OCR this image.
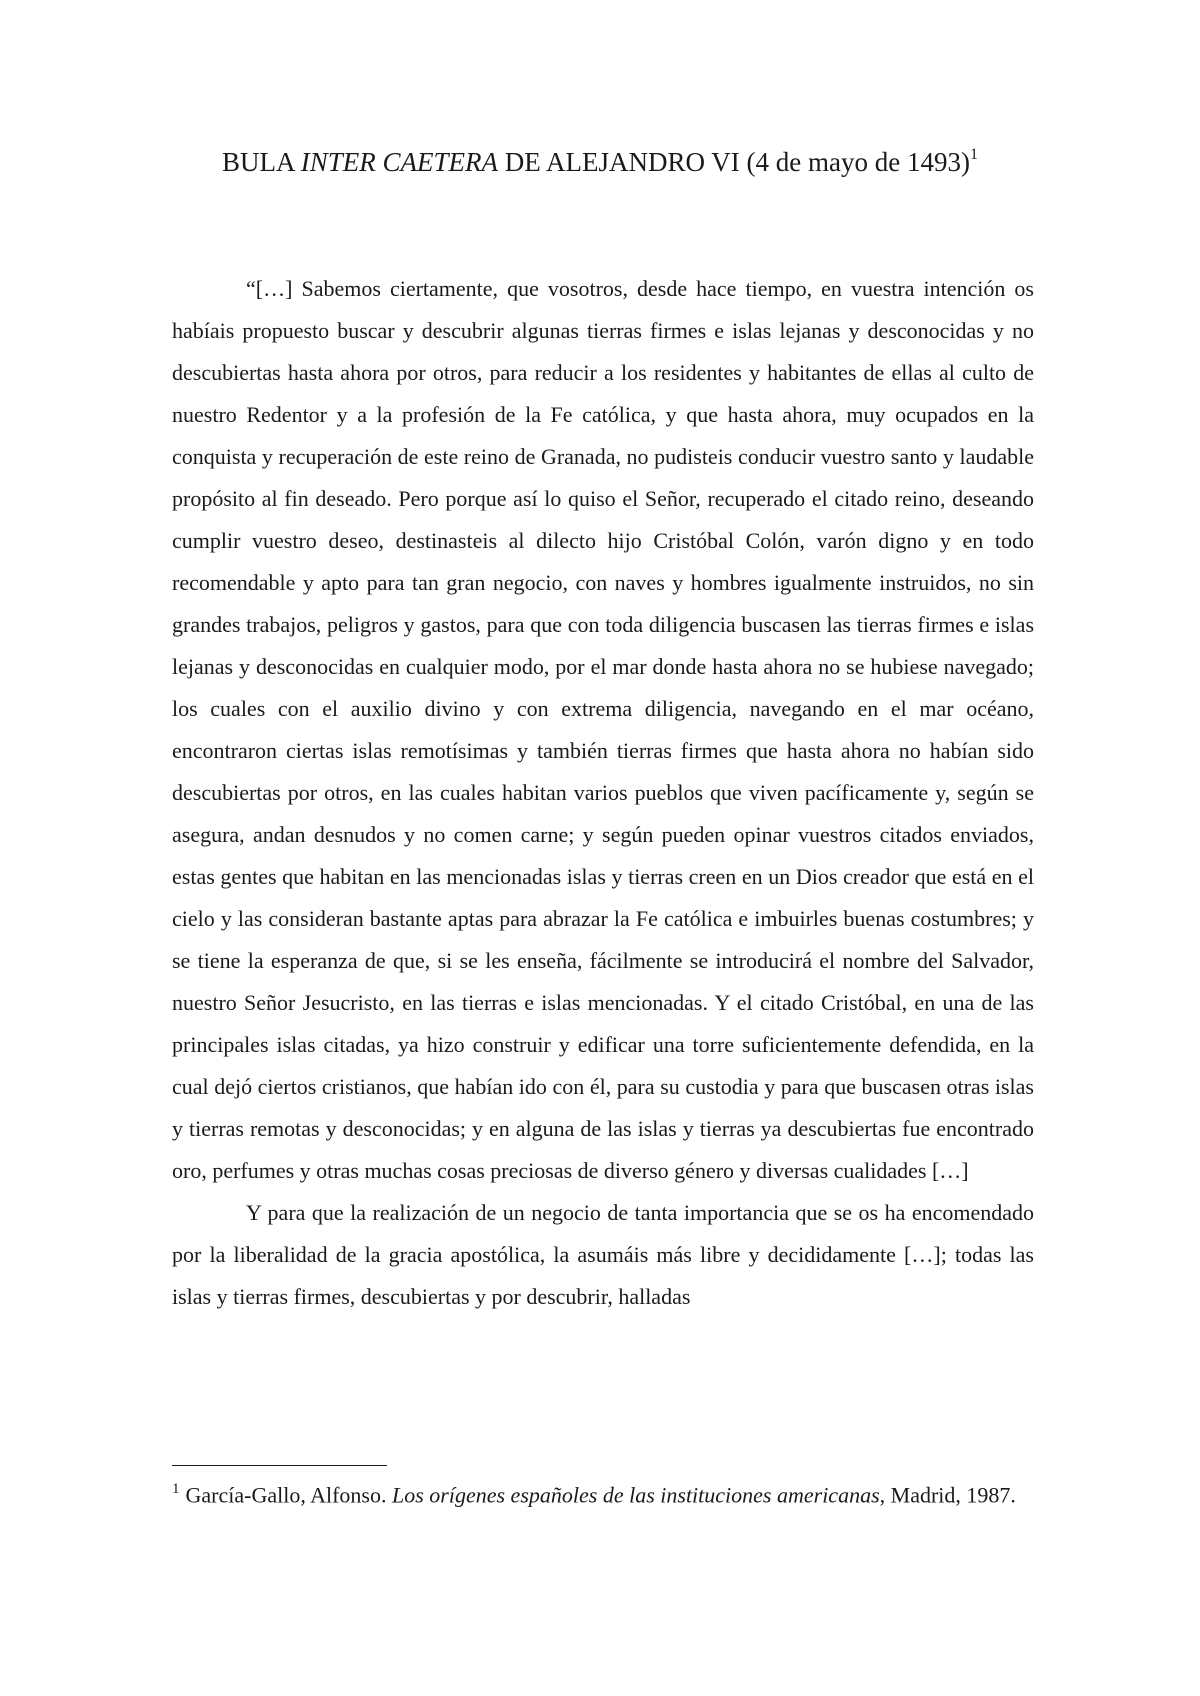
BULA INTER CAETERA DE ALEJANDRO VI (4 de mayo de 1493)$^1$

“[…] Sabemos ciertamente, que vosotros, desde hace tiempo, en vuestra intención os habíais propuesto buscar y descubrir algunas tierras firmes e islas lejanas y desconocidas y no descubiertas hasta ahora por otros, para reducir a los residentes y habitantes de ellas al culto de nuestro Redentor y a la profesión de la Fe católica, y que hasta ahora, muy ocupados en la conquista y recuperación de este reino de Granada, no pudisteis conducir vuestro santo y laudable propósito al fin deseado. Pero porque así lo quiso el Señor, recuperado el citado reino, deseando cumplir vuestro deseo, destinasteis al dilecto hijo Cristóbal Colón, varón digno y en todo recomendable y apto para tan gran negocio, con naves y hombres igualmente instruidos, no sin grandes trabajos, peligros y gastos, para que con toda diligencia buscasen las tierras firmes e islas lejanas y desconocidas en cualquier modo, por el mar donde hasta ahora no se hubiese navegado; los cuales con el auxilio divino y con extrema diligencia, navegando en el mar océano, encontraron ciertas islas remotísimas y también tierras firmes que hasta ahora no habían sido descubiertas por otros, en las cuales habitan varios pueblos que viven pacíficamente y, según se asegura, andan desnudos y no comen carne; y según pueden opinar vuestros citados enviados, estas gentes que habitan en las mencionadas islas y tierras creen en un Dios creador que está en el cielo y las consideran bastante aptas para abrazar la Fe católica e imbuirles buenas costumbres; y se tiene la esperanza de que, si se les enseña, fácilmente se introducirá el nombre del Salvador, nuestro Señor Jesucristo, en las tierras e islas mencionadas. Y el citado Cristóbal, en una de las principales islas citadas, ya hizo construir y edificar una torre suficientemente defendida, en la cual dejó ciertos cristianos, que habían ido con él, para su custodia y para que buscasen otras islas y tierras remotas y desconocidas; y en alguna de las islas y tierras ya descubiertas fue encontrado oro, perfumes y otras muchas cosas preciosas de diverso género y diversas cualidades […]

Y para que la realización de un negocio de tanta importancia que se os ha encomendado por la liberalidad de la gracia apostólica, la asumáis más libre y decididamente […]; todas las islas y tierras firmes, descubiertas y por descubrir, halladas

$^1$ García-Gallo, Alfonso. Los orígenes españoles de las instituciones americanas, Madrid, 1987.
